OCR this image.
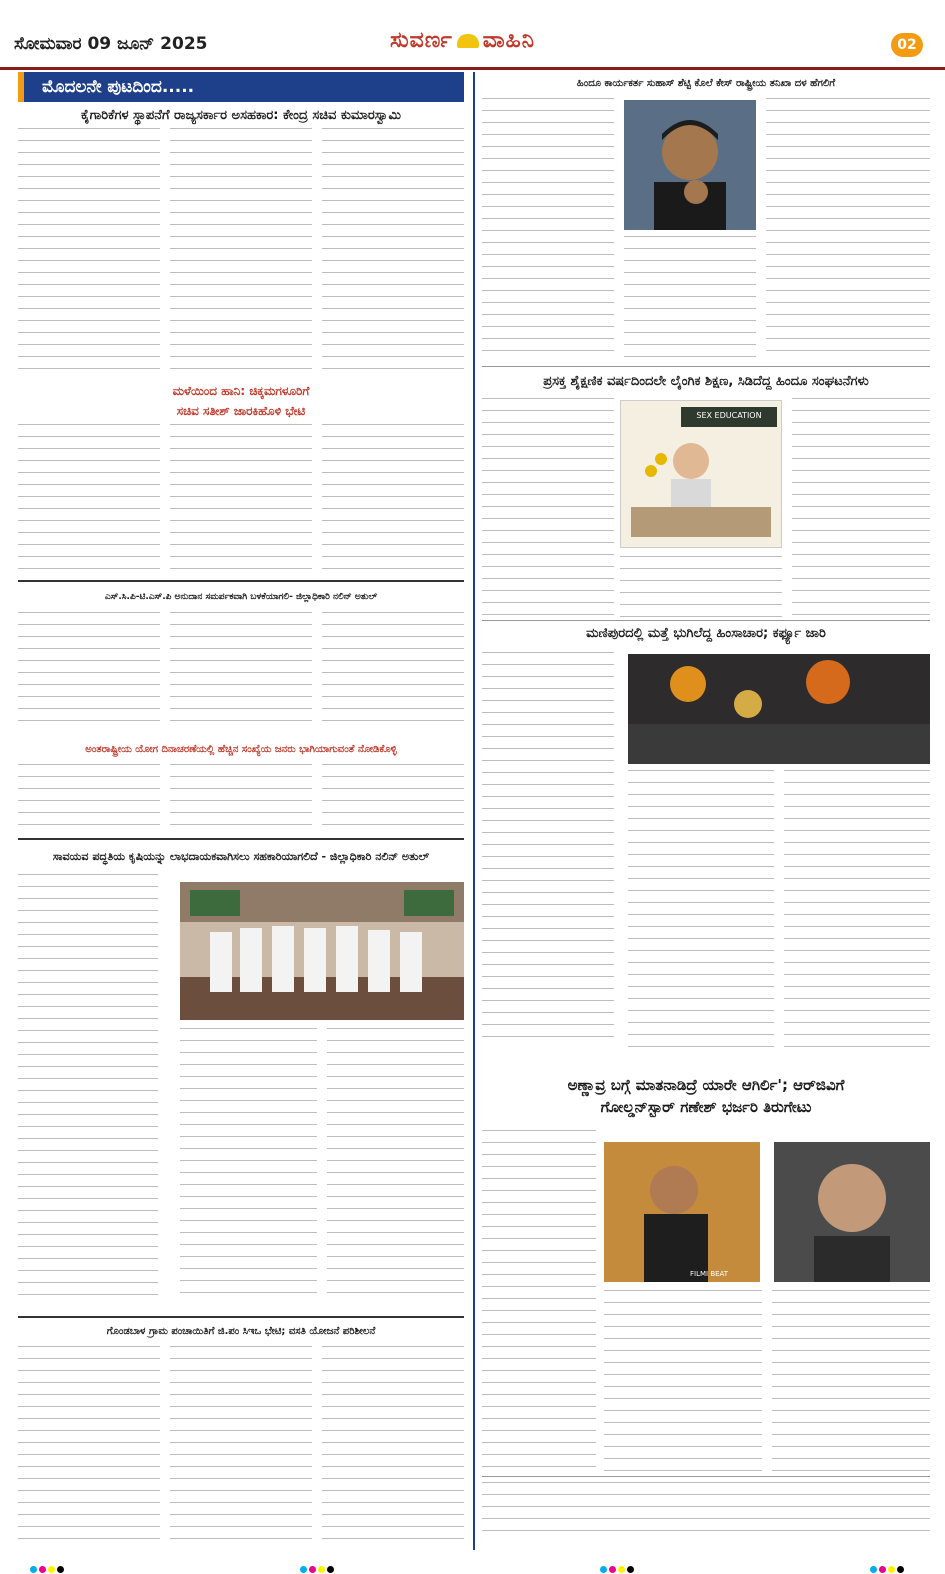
ಸೋಮವಾರ 09 ಜೂನ್ 2025	ಸುವರ್ಣ ವಾಹಿನಿ	02
ಮೊದಲನೇ ಪುಟದಿಂದ.....
ಕೈಗಾರಿಕೆಗಳ ಸ್ಥಾಪನೆಗೆ ರಾಜ್ಯಸರ್ಕಾರ ಅಸಹಕಾರ: ಕೇಂದ್ರ ಸಚಿವ ಕುಮಾರಸ್ವಾಮಿ
ಮಳೆಯಿಂದ ಹಾನಿ: ಚಿಕ್ಕಮಗಳೂರಿಗೆ
ಸಚಿವ ಸತೀಶ್ ಜಾರಕಿಹೊಳಿ ಭೇಟಿ
ಎಸ್.ಸಿ.ಪಿ-ಟಿ.ಎಸ್.ಪಿ ಅನುದಾನ ಸಮರ್ಪಕವಾಗಿ ಬಳಕೆಯಾಗಲಿ- ಜಿಲ್ಲಾಧಿಕಾರಿ ನಲಿನ್ ಅತುಲ್
ಅಂತರಾಷ್ಟ್ರೀಯ ಯೋಗ ದಿನಾಚರಣೆಯಲ್ಲಿ ಹೆಚ್ಚಿನ ಸಂಖ್ಯೆಯ ಜನರು ಭಾಗಿಯಾಗುವಂತೆ ನೋಡಿಕೊಳ್ಳಿ
ಸಾವಯವ ಪದ್ಧತಿಯ ಕೃಷಿಯನ್ನು ಲಾಭದಾಯಕವಾಗಿಸಲು ಸಹಕಾರಿಯಾಗಲಿದೆ - ಜಿಲ್ಲಾಧಿಕಾರಿ ನಲಿನ್ ಅತುಲ್
ಗೊಂಡಬಾಳ ಗ್ರಾಮ ಪಂಚಾಯಿತಿಗೆ ಜಿ.ಪಂ ಸಿಇಒ ಭೇಟಿ; ವಸತಿ ಯೋಜನೆ ಪರಿಶೀಲನೆ
ಹಿಂದೂ ಕಾರ್ಯಕರ್ತ ಸುಹಾಸ್ ಶೆಟ್ಟಿ ಕೊಲೆ ಕೇಸ್ ರಾಷ್ಟ್ರೀಯ ತನಿಖಾ ದಳ ಹೆಗಲಿಗೆ
ಪ್ರಸಕ್ತ ಶೈಕ್ಷಣಿಕ ವರ್ಷದಿಂದಲೇ ಲೈಂಗಿಕ ಶಿಕ್ಷಣ, ಸಿಡಿದೆದ್ದ ಹಿಂದೂ ಸಂಘಟನೆಗಳು
SEX EDUCATION
ಮಣಿಪುರದಲ್ಲಿ ಮತ್ತೆ ಭುಗಿಲೆದ್ದ ಹಿಂಸಾಚಾರ; ಕರ್ಫ್ಯೂ ಜಾರಿ
ಅಣ್ಣಾವ್ರ ಬಗ್ಗೆ ಮಾತನಾಡಿದ್ರೆ ಯಾರೇ ಆಗಿರ್ಲಿ'; ಆರ್‌ಜಿವಿಗೆ
ಗೋಲ್ಡನ್‌ಸ್ಟಾರ್ ಗಣೇಶ್ ಭರ್ಜರಿ ತಿರುಗೇಟು
FILMI BEAT
